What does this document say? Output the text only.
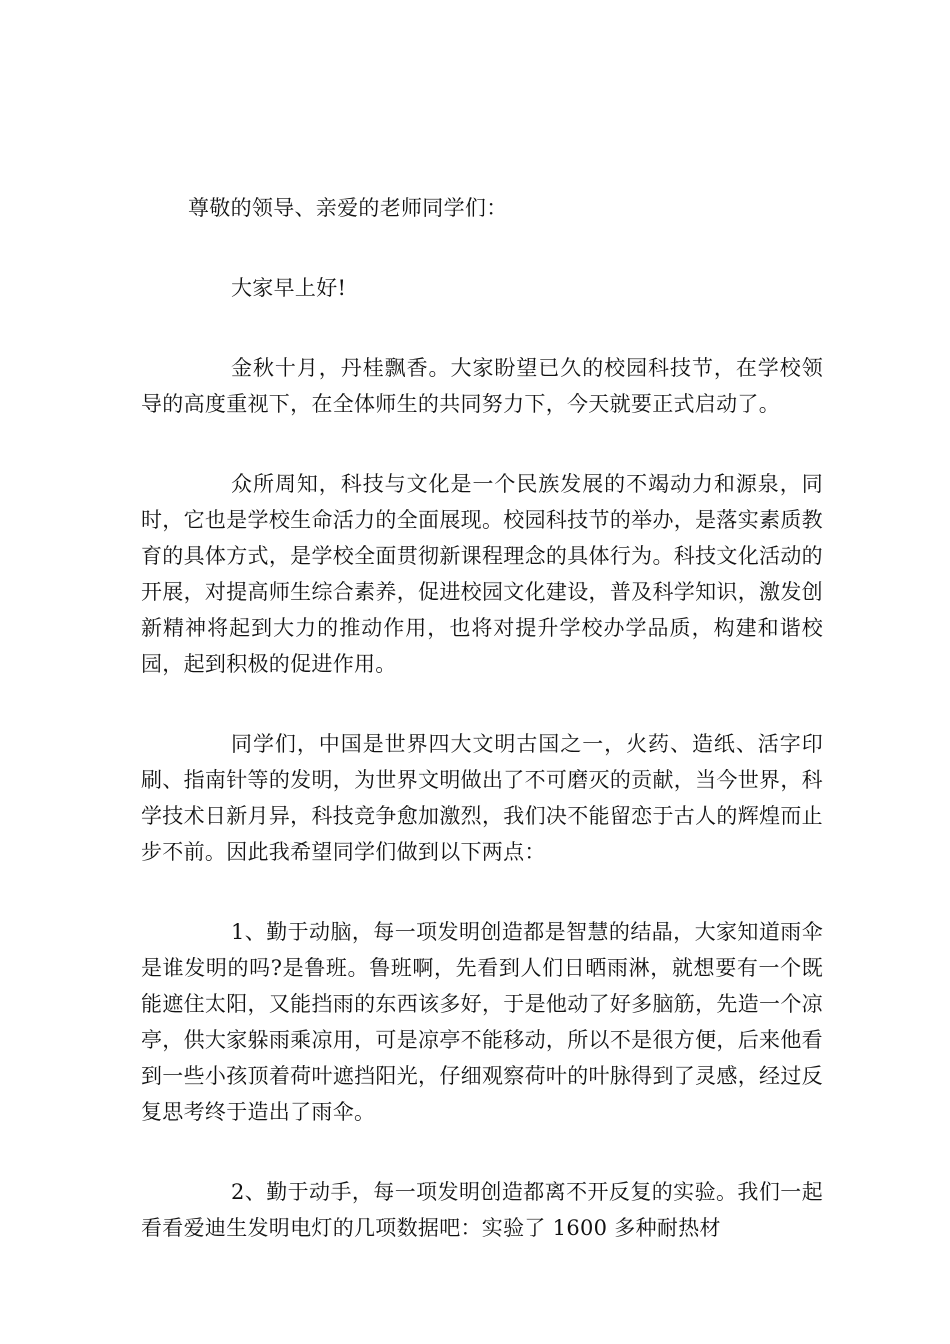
尊敬的领导、亲爱的老师同学们：

大家早上好!

金秋十月，丹桂飘香。大家盼望已久的校园科技节，在学校领导的高度重视下，在全体师生的共同努力下，今天就要正式启动了。

众所周知，科技与文化是一个民族发展的不竭动力和源泉，同时，它也是学校生命活力的全面展现。校园科技节的举办，是落实素质教育的具体方式，是学校全面贯彻新课程理念的具体行为。科技文化活动的开展，对提高师生综合素养，促进校园文化建设，普及科学知识，激发创新精神将起到大力的推动作用，也将对提升学校办学品质，构建和谐校园，起到积极的促进作用。

同学们，中国是世界四大文明古国之一，火药、造纸、活字印刷、指南针等的发明，为世界文明做出了不可磨灭的贡献，当今世界，科学技术日新月异，科技竞争愈加激烈，我们决不能留恋于古人的辉煌而止步不前。因此我希望同学们做到以下两点：

1、勤于动脑，每一项发明创造都是智慧的结晶，大家知道雨伞是谁发明的吗?是鲁班。鲁班啊，先看到人们日晒雨淋，就想要有一个既能遮住太阳，又能挡雨的东西该多好，于是他动了好多脑筋，先造一个凉亭，供大家躲雨乘凉用，可是凉亭不能移动，所以不是很方便，后来他看到一些小孩顶着荷叶遮挡阳光，仔细观察荷叶的叶脉得到了灵感，经过反复思考终于造出了雨伞。

2、勤于动手，每一项发明创造都离不开反复的实验。我们一起看看爱迪生发明电灯的几项数据吧：实验了 1600 多种耐热材
